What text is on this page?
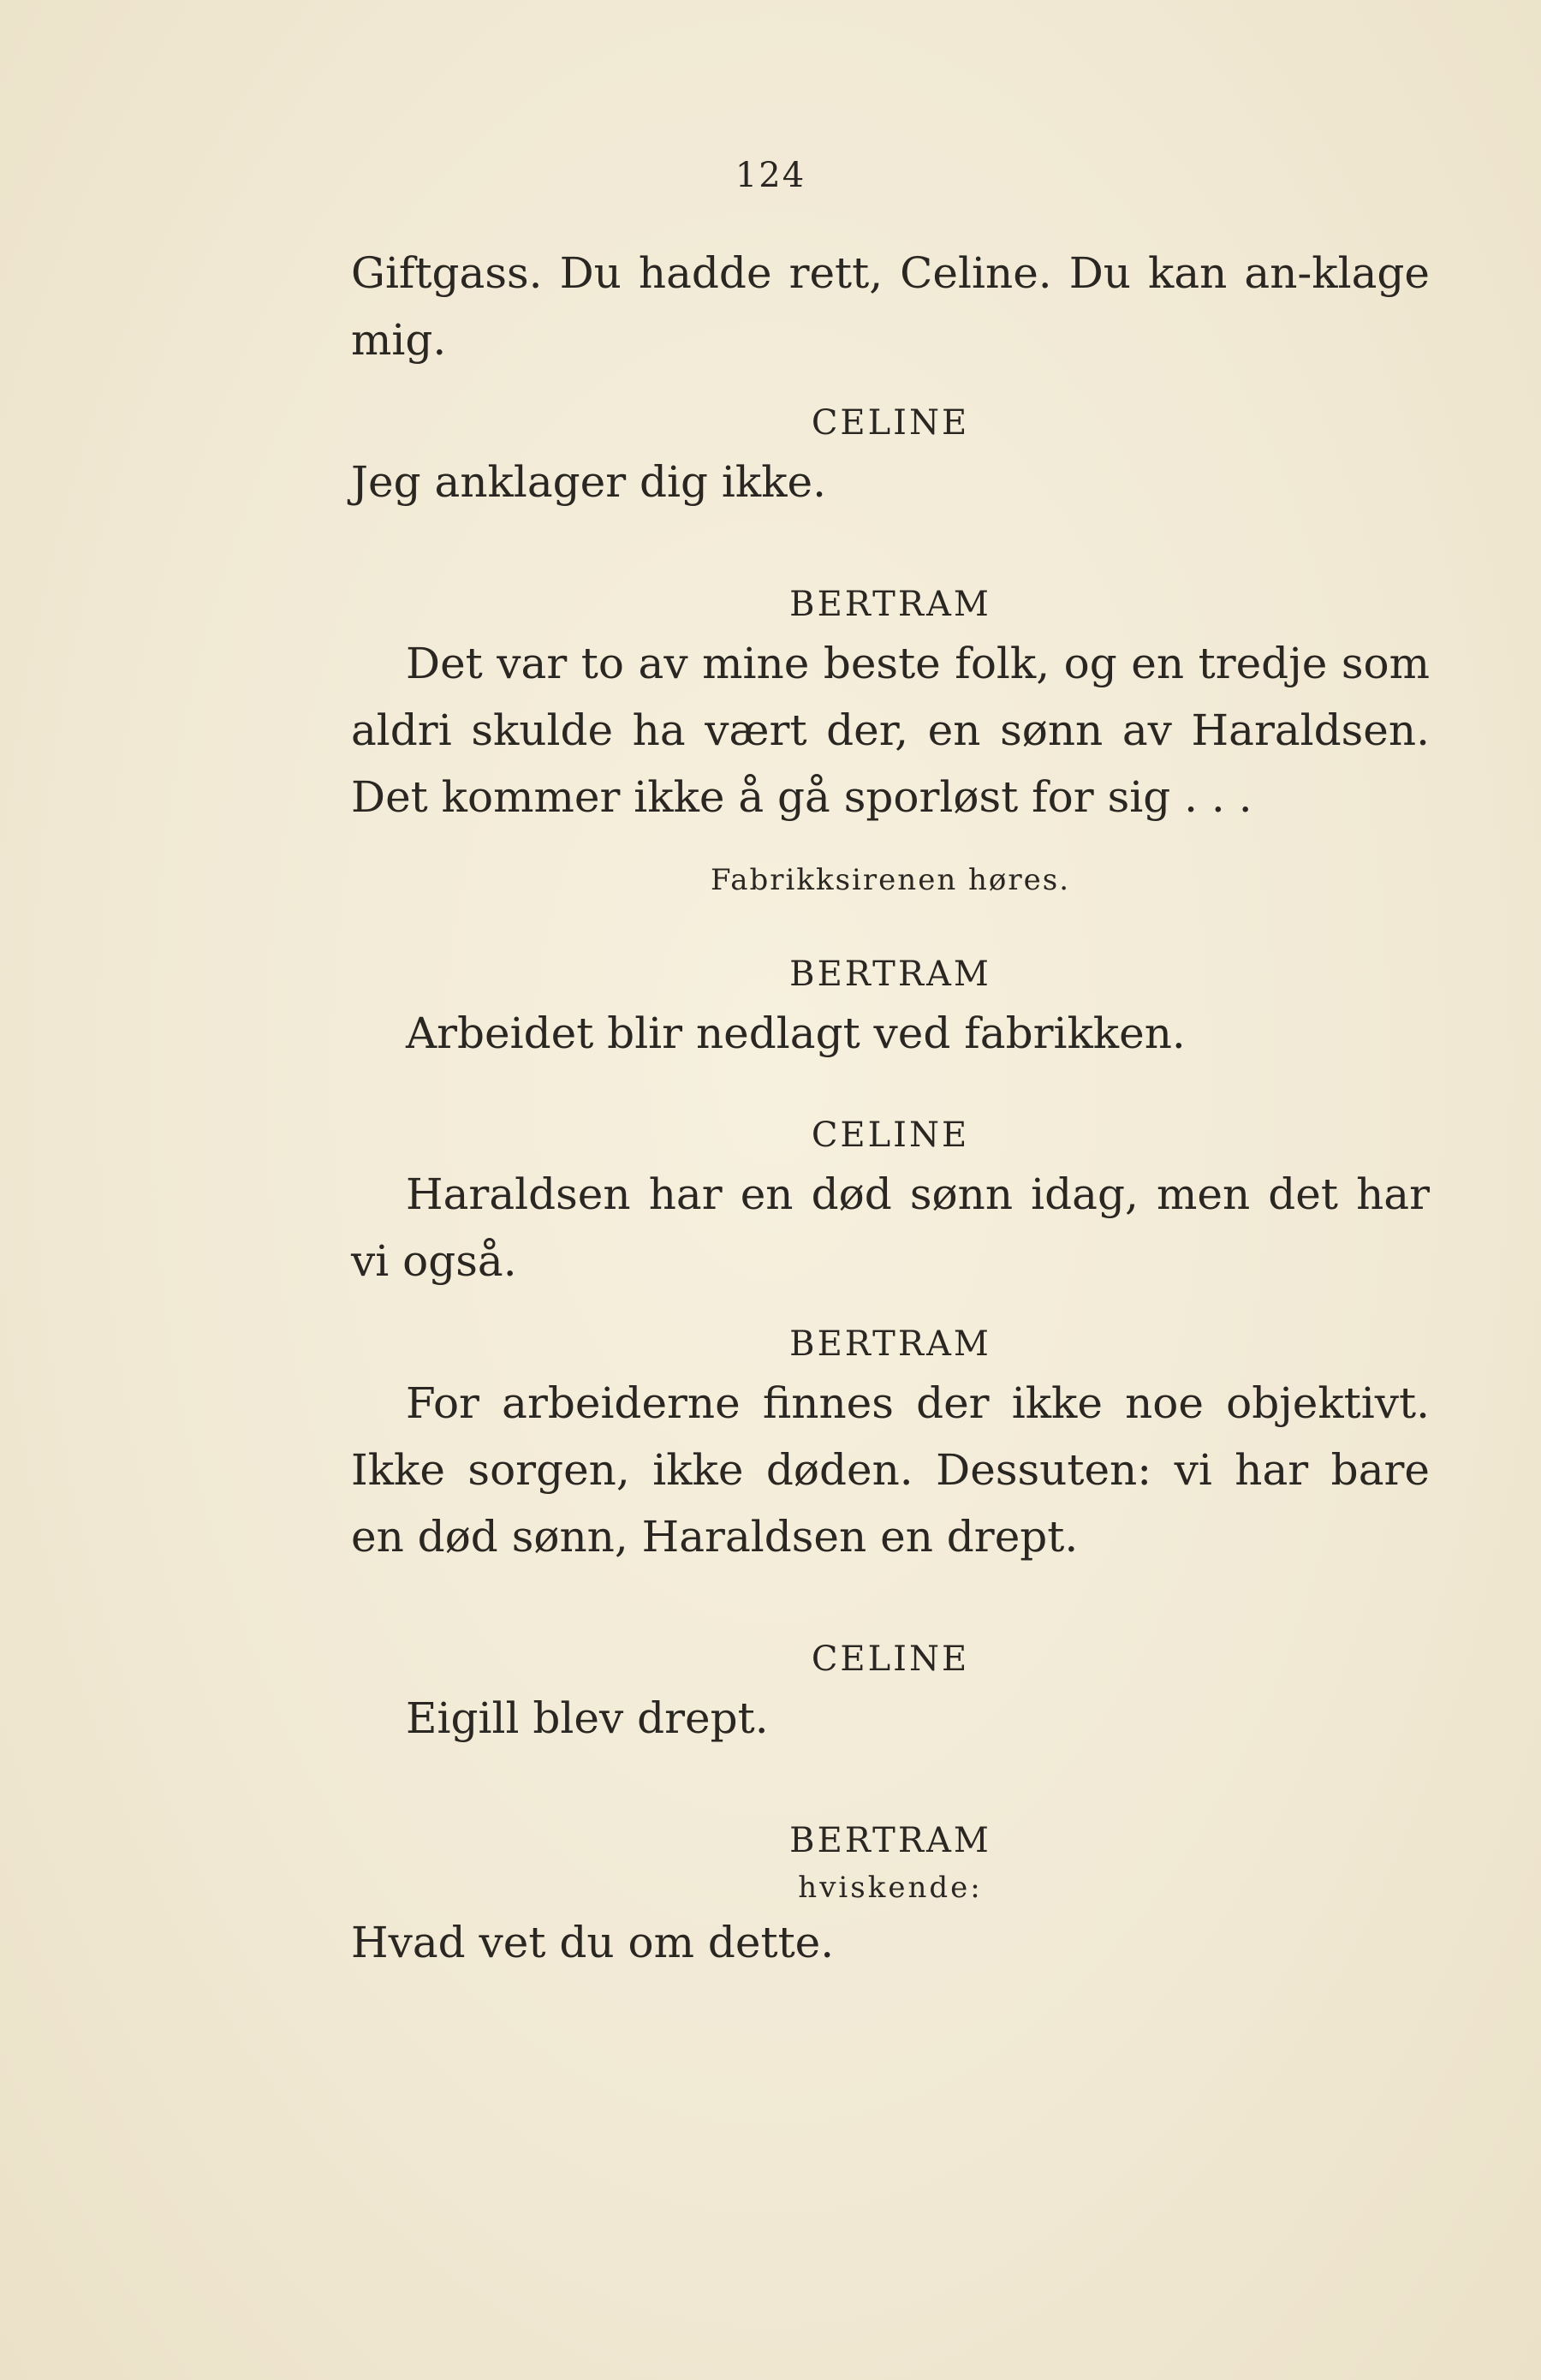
124

Giftgass. Du hadde rett, Celine. Du kan an-klage mig.

CELINE

Jeg anklager dig ikke.

BERTRAM

Det var to av mine beste folk, og en tredje som aldri skulde ha vært der, en sønn av Haraldsen. Det kommer ikke å gå sporløst for sig . . .

Fabrikksirenen høres.

BERTRAM

Arbeidet blir nedlagt ved fabrikken.

CELINE

Haraldsen har en død sønn idag, men det har vi også.

BERTRAM

For arbeiderne finnes der ikke noe objektivt. Ikke sorgen, ikke døden. Dessuten: vi har bare en død sønn, Haraldsen en drept.

CELINE

Eigill blev drept.

BERTRAM

hviskende:

Hvad vet du om dette.
